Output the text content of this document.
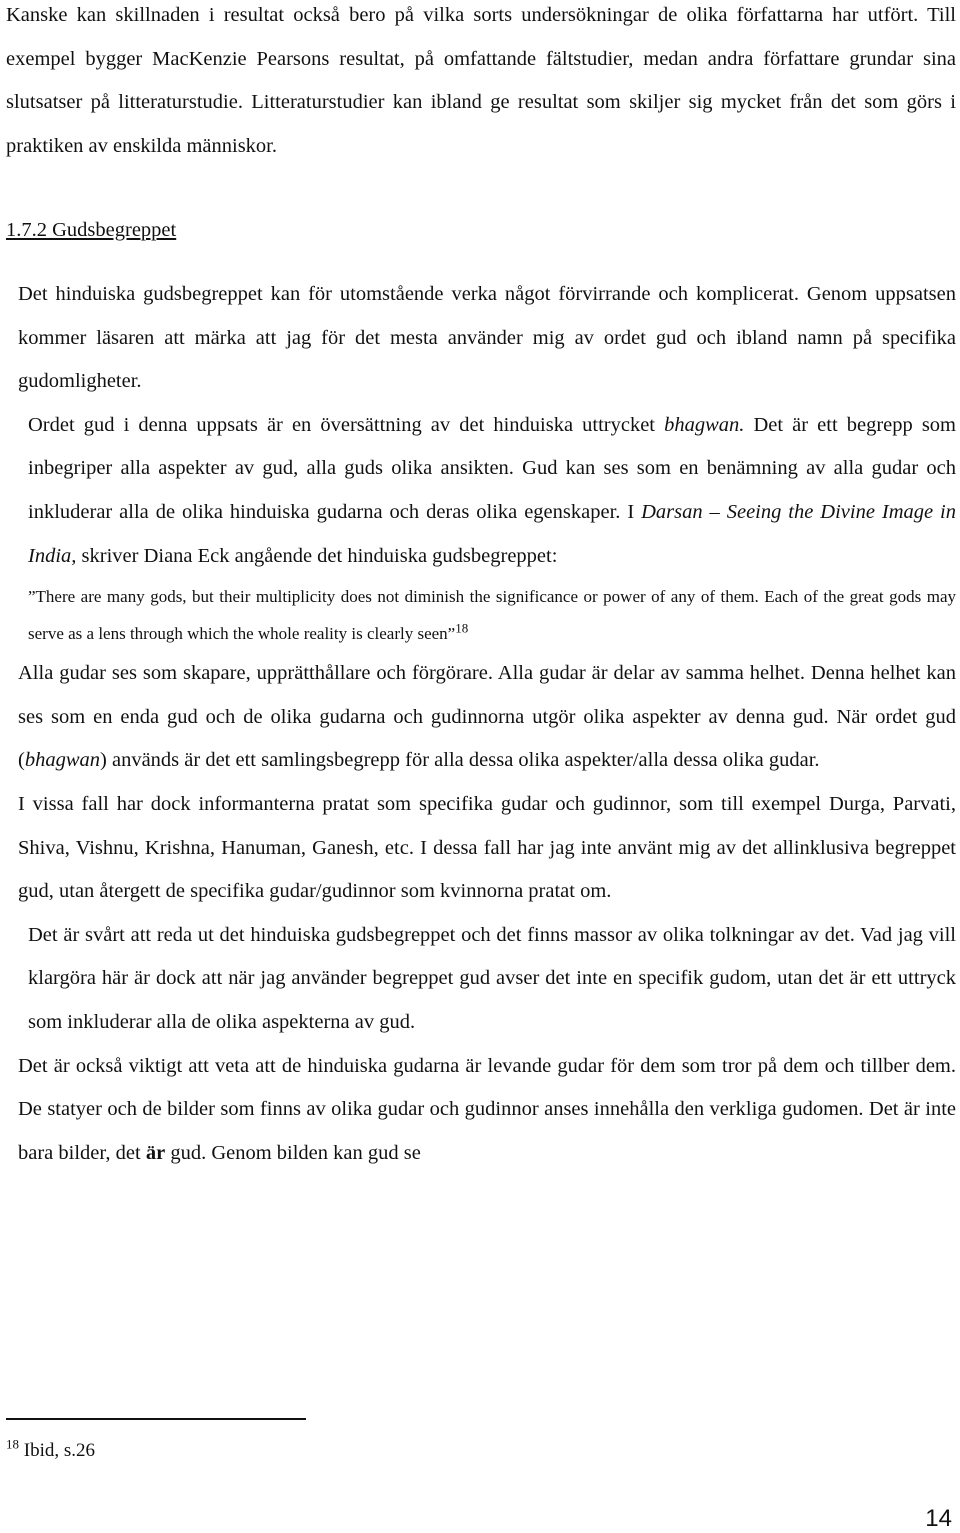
Kanske kan skillnaden i resultat också bero på vilka sorts undersökningar de olika författarna har utfört. Till exempel bygger MacKenzie Pearsons resultat, på omfattande fältstudier, medan andra författare grundar sina slutsatser på litteraturstudie. Litteraturstudier kan ibland ge resultat som skiljer sig mycket från det som görs i praktiken av enskilda människor.

1.7.2 Gudsbegreppet

Det hinduiska gudsbegreppet kan för utomstående verka något förvirrande och komplicerat. Genom uppsatsen kommer läsaren att märka att jag för det mesta använder mig av ordet gud och ibland namn på specifika gudomligheter.

Ordet gud i denna uppsats är en översättning av det hinduiska uttrycket bhagwan. Det är ett begrepp som inbegriper alla aspekter av gud, alla guds olika ansikten. Gud kan ses som en benämning av alla gudar och inkluderar alla de olika hinduiska gudarna och deras olika egenskaper. I Darsan – Seeing the Divine Image in India, skriver Diana Eck angående det hinduiska gudsbegreppet:

”There are many gods, but their multiplicity does not diminish the significance or power of any of them. Each of the great gods may serve as a lens through which the whole reality is clearly seen”$^{18}$

Alla gudar ses som skapare, upprätthållare och förgörare. Alla gudar är delar av samma helhet. Denna helhet kan ses som en enda gud och de olika gudarna och gudinnorna utgör olika aspekter av denna gud. När ordet gud (bhagwan) används är det ett samlingsbegrepp för alla dessa olika aspekter/alla dessa olika gudar.

I vissa fall har dock informanterna pratat som specifika gudar och gudinnor, som till exempel Durga, Parvati, Shiva, Vishnu, Krishna, Hanuman, Ganesh, etc. I dessa fall har jag inte använt mig av det allinklusiva begreppet gud, utan återgett de specifika gudar/gudinnor som kvinnorna pratat om.

Det är svårt att reda ut det hinduiska gudsbegreppet och det finns massor av olika tolkningar av det. Vad jag vill klargöra här är dock att när jag använder begreppet gud avser det inte en specifik gudom, utan det är ett uttryck som inkluderar alla de olika aspekterna av gud.

Det är också viktigt att veta att de hinduiska gudarna är levande gudar för dem som tror på dem och tillber dem. De statyer och de bilder som finns av olika gudar och gudinnor anses innehålla den verkliga gudomen. Det är inte bara bilder, det är gud. Genom bilden kan gud se

$^{18}$ Ibid, s.26

14
